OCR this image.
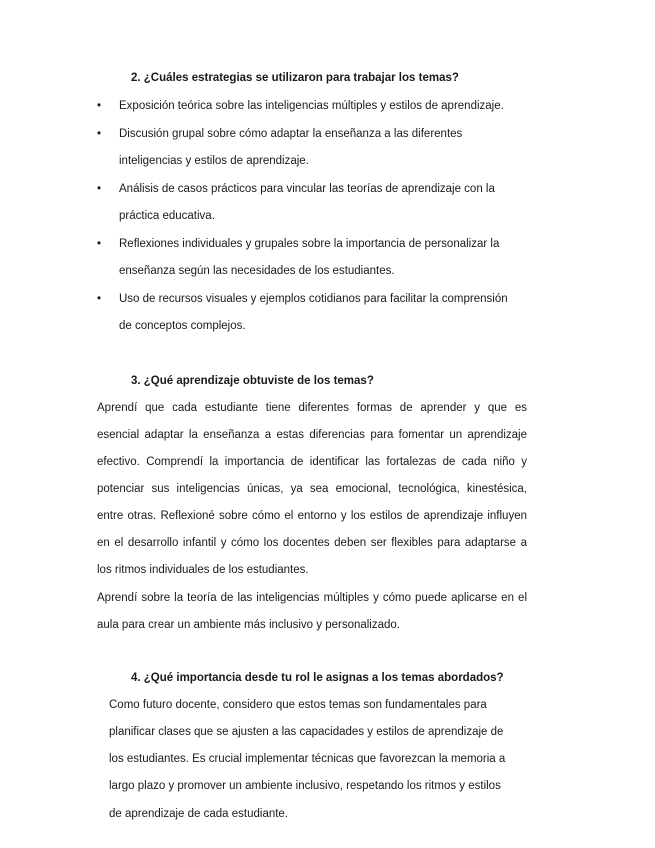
2. ¿Cuáles estrategias se utilizaron para trabajar los temas?
• Exposición teórica sobre las inteligencias múltiples y estilos de aprendizaje.
• Discusión grupal sobre cómo adaptar la enseñanza a las diferentes
inteligencias y estilos de aprendizaje.
• Análisis de casos prácticos para vincular las teorías de aprendizaje con la
práctica educativa.
• Reflexiones individuales y grupales sobre la importancia de personalizar la
enseñanza según las necesidades de los estudiantes.
• Uso de recursos visuales y ejemplos cotidianos para facilitar la comprensión
de conceptos complejos.
3. ¿Qué aprendizaje obtuviste de los temas?
Aprendí que cada estudiante tiene diferentes formas de aprender y que es
esencial adaptar la enseñanza a estas diferencias para fomentar un aprendizaje
efectivo. Comprendí la importancia de identificar las fortalezas de cada niño y
potenciar sus inteligencias únicas, ya sea emocional, tecnológica, kinestésica,
entre otras. Reflexioné sobre cómo el entorno y los estilos de aprendizaje influyen
en el desarrollo infantil y cómo los docentes deben ser flexibles para adaptarse a
los ritmos individuales de los estudiantes.
Aprendí sobre la teoría de las inteligencias múltiples y cómo puede aplicarse en el
aula para crear un ambiente más inclusivo y personalizado.
4. ¿Qué importancia desde tu rol le asignas a los temas abordados?
Como futuro docente, considero que estos temas son fundamentales para
planificar clases que se ajusten a las capacidades y estilos de aprendizaje de
los estudiantes. Es crucial implementar técnicas que favorezcan la memoria a
largo plazo y promover un ambiente inclusivo, respetando los ritmos y estilos
de aprendizaje de cada estudiante.
